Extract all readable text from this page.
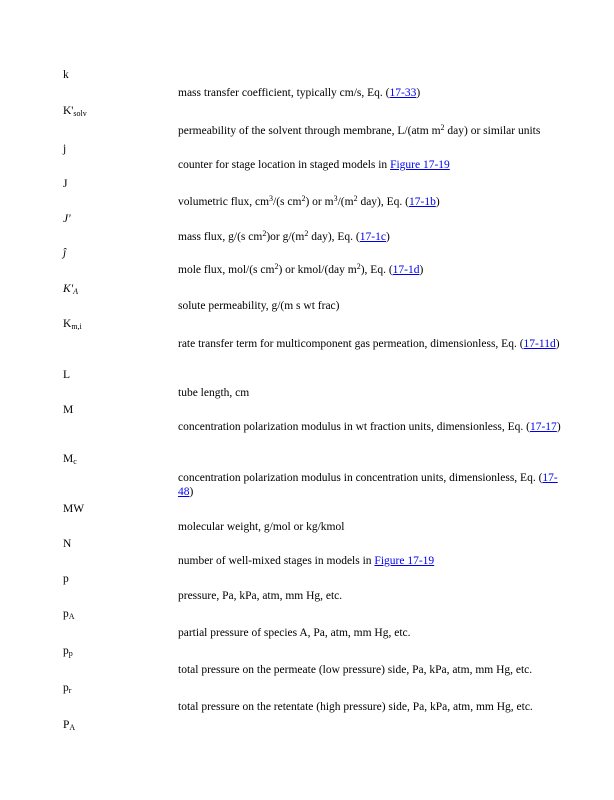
k
mass transfer coefficient, typically cm/s, Eq. (17-33)
$K'_{solv}$
permeability of the solvent through membrane, L/(atm $m^2$ day) or similar units
j
counter for stage location in staged models in Figure 17-19
J
volumetric flux, $cm^3/(s$ $cm^2$) or $m^3/(m^2$ day), Eq. (17-1b)
J'
mass flux, g/(s $cm^2)or$ $g/(m^2$ day), Eq. (17-1c)
ĵ
mole flux, mol/(s $cm^2$) or kmol/(day $m^2$), Eq. (17-1d)
$K'_A$
solute permeability, g/(m s wt frac)
$K_{m,i}$
rate transfer term for multicomponent gas permeation, dimensionless, Eq. (17-11d)
L
tube length, cm
M
concentration polarization modulus in wt fraction units, dimensionless, Eq. (17-17)
$M_c$
concentration polarization modulus in concentration units, dimensionless, Eq. (17-48)
MW
molecular weight, g/mol or kg/kmol
N
number of well-mixed stages in models in Figure 17-19
p
pressure, Pa, kPa, atm, mm Hg, etc.
$p_A$
partial pressure of species A, Pa, atm, mm Hg, etc.
$p_p$
total pressure on the permeate (low pressure) side, Pa, kPa, atm, mm Hg, etc.
$p_r$
total pressure on the retentate (high pressure) side, Pa, kPa, atm, mm Hg, etc.
$P_A$
